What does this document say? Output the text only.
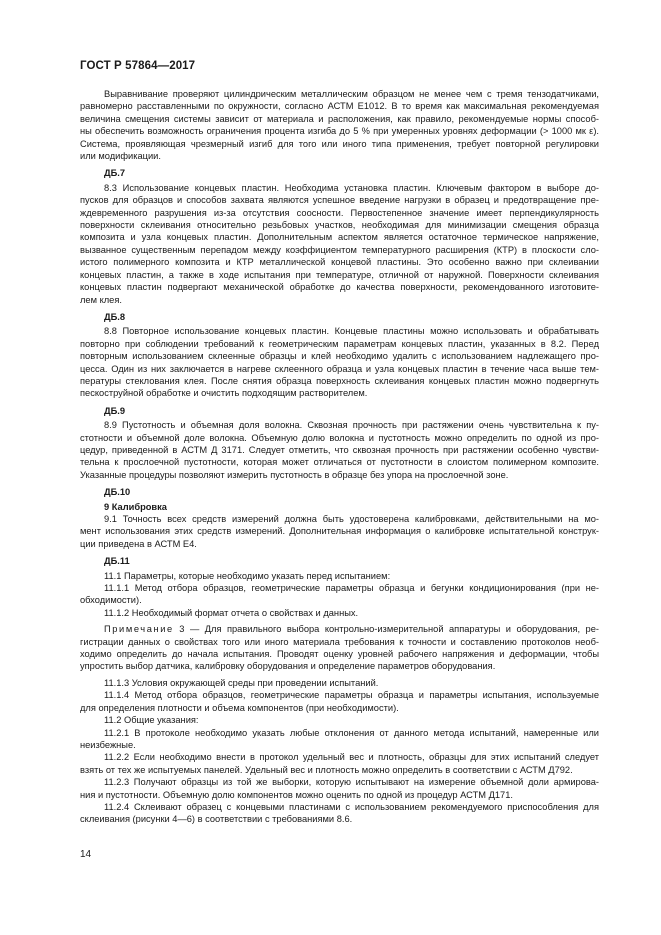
ГОСТ Р 57864—2017
Выравнивание проверяют цилиндрическим металлическим образцом не менее чем с тремя тензодатчиками,
равномерно расставленными по окружности, согласно АСТМ Е1012. В то время как максимальная рекомендуемая
величина смещения системы зависит от материала и расположения, как правило, рекомендуемые нормы способ-
ны обеспечить возможность ограничения процента изгиба до 5 % при умеренных уровнях деформации (> 1000 мк ε).
Система, проявляющая чрезмерный изгиб для того или иного типа применения, требует повторной регулировки
или модификации.
ДБ.7
8.3 Использование концевых пластин. Необходима установка пластин. Ключевым фактором в выборе до-
пусков для образцов и способов захвата являются успешное введение нагрузки в образец и предотвращение пре-
ждевременного разрушения из-за отсутствия соосности. Первостепенное значение имеет перпендикулярность
поверхности склеивания относительно резьбовых участков, необходимая для минимизации смещения образца
композита и узла концевых пластин. Дополнительным аспектом является остаточное термическое напряжение,
вызванное существенным перепадом между коэффициентом температурного расширения (КТР) в плоскости сло-
истого полимерного композита и КТР металлической концевой пластины. Это особенно важно при склеивании
концевых пластин, а также в ходе испытания при температуре, отличной от наружной. Поверхности склеивания
концевых пластин подвергают механической обработке до качества поверхности, рекомендованного изготовите-
лем клея.
ДБ.8
8.8 Повторное использование концевых пластин. Концевые пластины можно использовать и обрабатывать
повторно при соблюдении требований к геометрическим параметрам концевых пластин, указанных в 8.2. Перед
повторным использованием склеенные образцы и клей необходимо удалить с использованием надлежащего про-
цесса. Один из них заключается в нагреве склеенного образца и узла концевых пластин в течение часа выше тем-
пературы стеклования клея. После снятия образца поверхность склеивания концевых пластин можно подвергнуть
пескоструйной обработке и очистить подходящим растворителем.
ДБ.9
8.9 Пустотность и объемная доля волокна. Сквозная прочность при растяжении очень чувствительна к пу-
стотности и объемной доле волокна. Объемную долю волокна и пустотность можно определить по одной из про-
цедур, приведенной в АСТМ Д 3171. Следует отметить, что сквозная прочность при растяжении особенно чувстви-
тельна к прослоечной пустотности, которая может отличаться от пустотности в слоистом полимерном композите.
Указанные процедуры позволяют измерить пустотность в образце без упора на прослоечной зоне.
ДБ.10
9 Калибровка
9.1 Точность всех средств измерений должна быть удостоверена калибровками, действительными на мо-
мент использования этих средств измерений. Дополнительная информация о калибровке испытательной конструк-
ции приведена в АСТМ Е4.
ДБ.11
11.1 Параметры, которые необходимо указать перед испытанием:
11.1.1 Метод отбора образцов, геометрические параметры образца и бегунки кондиционирования (при не-
обходимости).
11.1.2 Необходимый формат отчета о свойствах и данных.
Примечание 3 — Для правильного выбора контрольно-измерительной аппаратуры и оборудования, ре-
гистрации данных о свойствах того или иного материала требования к точности и составлению протоколов необ-
ходимо определить до начала испытания. Проводят оценку уровней рабочего напряжения и деформации, чтобы
упростить выбор датчика, калибровку оборудования и определение параметров оборудования.
11.1.3 Условия окружающей среды при проведении испытаний.
11.1.4 Метод отбора образцов, геометрические параметры образца и параметры испытания, используемые
для определения плотности и объема компонентов (при необходимости).
11.2 Общие указания:
11.2.1 В протоколе необходимо указать любые отклонения от данного метода испытаний, намеренные или
неизбежные.
11.2.2 Если необходимо внести в протокол удельный вес и плотность, образцы для этих испытаний следует
взять от тех же испытуемых панелей. Удельный вес и плотность можно определить в соответствии с АСТМ Д792.
11.2.3 Получают образцы из той же выборки, которую испытывают на измерение объемной доли армирова-
ния и пустотности. Объемную долю компонентов можно оценить по одной из процедур АСТМ Д171.
11.2.4 Склеивают образец с концевыми пластинами с использованием рекомендуемого приспособления для
склеивания (рисунки 4—6) в соответствии с требованиями 8.6.
14
